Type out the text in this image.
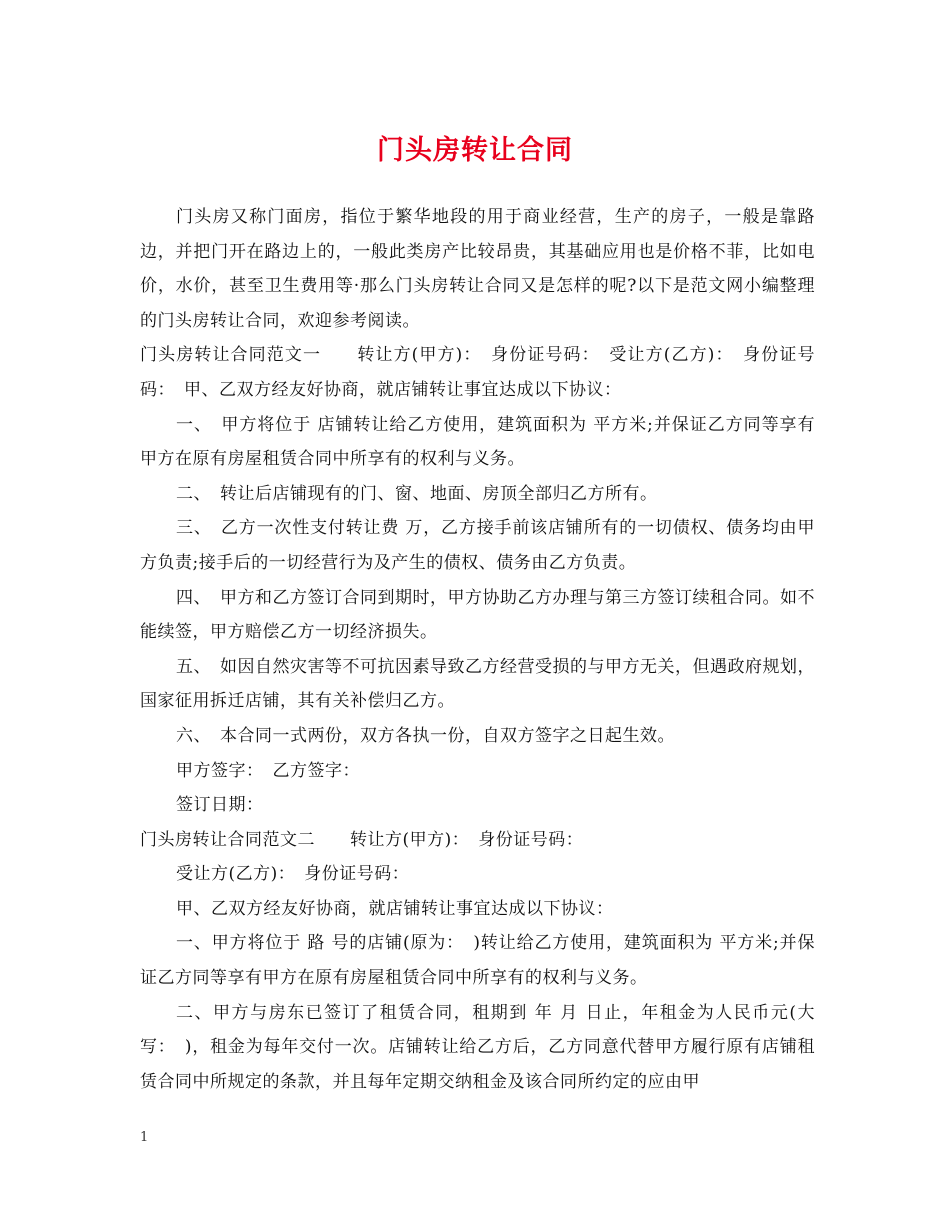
门头房转让合同

门头房又称门面房，指位于繁华地段的用于商业经营，生产的房子，一般是靠路边，并把门开在路边上的，一般此类房产比较昂贵，其基础应用也是价格不菲，比如电价，水价，甚至卫生费用等·那么门头房转让合同又是怎样的呢?以下是范文网小编整理的门头房转让合同，欢迎参考阅读。

门头房转让合同范文一　　转让方(甲方)：　身份证号码：　受让方(乙方)：　身份证号码：　甲、乙双方经友好协商，就店铺转让事宜达成以下协议：

一、　甲方将位于 店铺转让给乙方使用，建筑面积为 平方米;并保证乙方同等享有甲方在原有房屋租赁合同中所享有的权利与义务。

二、　转让后店铺现有的门、窗、地面、房顶全部归乙方所有。

三、　乙方一次性支付转让费 万，乙方接手前该店铺所有的一切债权、债务均由甲方负责;接手后的一切经营行为及产生的债权、债务由乙方负责。

四、　甲方和乙方签订合同到期时，甲方协助乙方办理与第三方签订续租合同。如不能续签，甲方赔偿乙方一切经济损失。

五、　如因自然灾害等不可抗因素导致乙方经营受损的与甲方无关，但遇政府规划，国家征用拆迁店铺，其有关补偿归乙方。

六、　本合同一式两份，双方各执一份，自双方签字之日起生效。

甲方签字：　乙方签字：

签订日期：

门头房转让合同范文二　　转让方(甲方)：　身份证号码：

受让方(乙方)：　身份证号码：

甲、乙双方经友好协商，就店铺转让事宜达成以下协议：

一、甲方将位于 路 号的店铺(原为：　)转让给乙方使用，建筑面积为 平方米;并保证乙方同等享有甲方在原有房屋租赁合同中所享有的权利与义务。

二、甲方与房东已签订了租赁合同，租期到 年 月 日止，年租金为人民币元(大写：　)，租金为每年交付一次。店铺转让给乙方后，乙方同意代替甲方履行原有店铺租赁合同中所规定的条款，并且每年定期交纳租金及该合同所约定的应由甲

1
